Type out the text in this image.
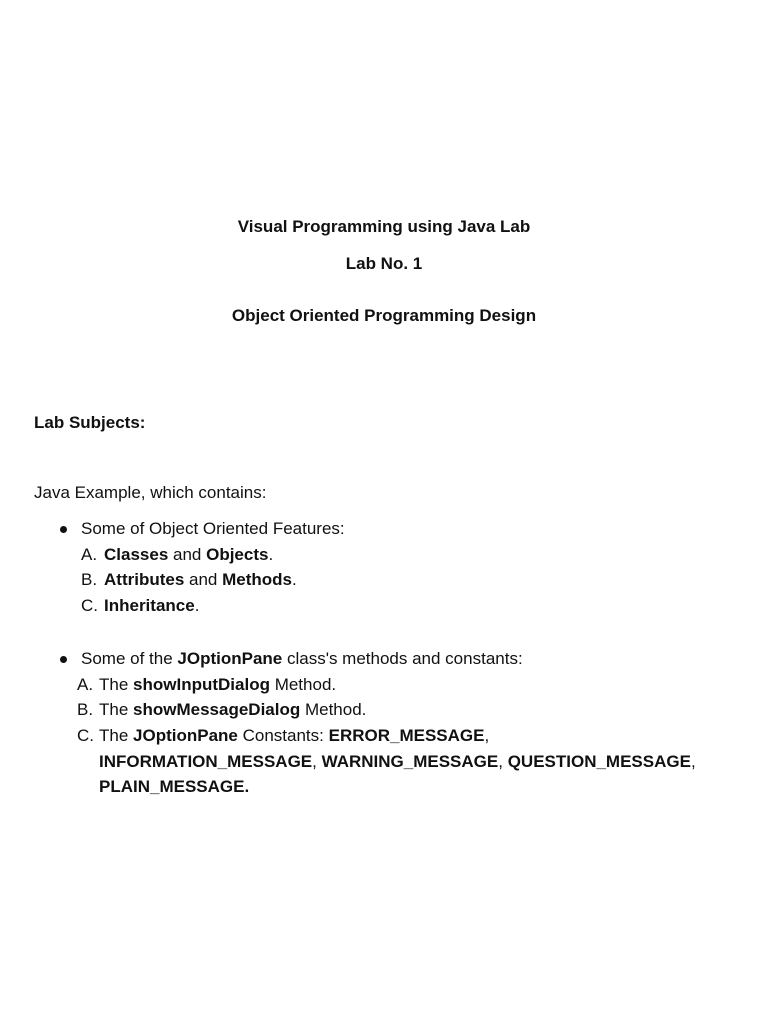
Visual Programming using Java Lab
Lab No. 1
Object Oriented Programming Design
Lab Subjects:
Java Example, which contains:
Some of Object Oriented Features:
A. Classes and Objects.
B. Attributes and Methods.
C. Inheritance.
Some of the JOptionPane class's methods and constants:
A. The showInputDialog Method.
B. The showMessageDialog Method.
C. The JOptionPane Constants: ERROR_MESSAGE,
INFORMATION_MESSAGE, WARNING_MESSAGE, QUESTION_MESSAGE,
PLAIN_MESSAGE.
